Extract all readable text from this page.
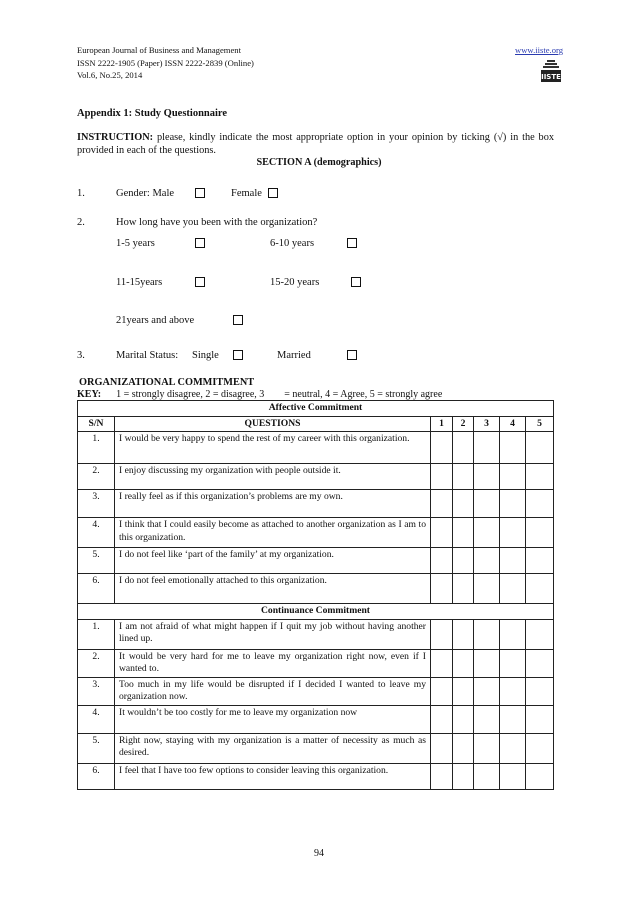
European Journal of Business and Management
ISSN 2222-1905 (Paper) ISSN 2222-2839 (Online)
Vol.6, No.25, 2014
www.iiste.org
IISTE
Appendix 1: Study Questionnaire
INSTRUCTION: please, kindly indicate the most appropriate option in your opinion by ticking (√) in the box provided in each of the questions.
SECTION A (demographics)
1.	Gender: Male	Female
2.	How long have you been with the organization?
1-5 years	6-10 years
11-15years	15-20 years
21years and above
3.	Marital Status: Single	Married
ORGANIZATIONAL COMMITMENT
KEY: 1 = strongly disagree, 2 = disagree, 3        = neutral, 4 = Agree, 5 = strongly agree
Affective Commitment						
S/N	QUESTIONS	1	2	3	4	5
1.	I would be very happy to spend the rest of my career with this organization.					
2.	I enjoy discussing my organization with people outside it.					
3.	I really feel as if this organization’s problems are my own.					
4.	I think that I could easily become as attached to another organization as I am to this organization.					
5.	I do not feel like ‘part of the family’ at my organization.					
6.	I do not feel emotionally attached to this organization.					
Continuance Commitment						
1.	I am not afraid of what might happen if I quit my job without having another lined up.					
2.	It would be very hard for me to leave my organization right now, even if I wanted to.					
3.	Too much in my life would be disrupted if I decided I wanted to leave my organization now.					
4.	It wouldn’t be too costly for me to leave my organization now					
5.	Right now, staying with my organization is a matter of necessity as much as desired.					
6.	I feel that I have too few options to consider leaving this organization.					
94
